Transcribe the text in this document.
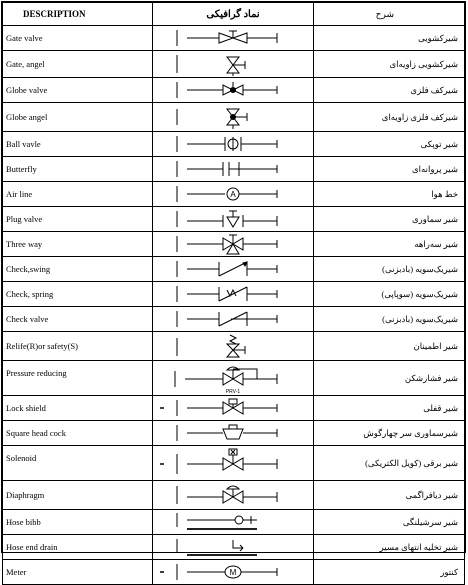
DESCRIPTION	نماد گرافیکی	شرح
Gate valve		شیرکشویی
Gate, angel		شیرکشویی زاویه‌ای
Globe valve		شیرکف فلزی
Globe angel		شیرکف فلزی زاویه‌ای
Ball vavle		شیر توپکی
Butterfly		شیر پروانه‌ای
Air line	A	خط هوا
Plug valve		شیر سماوری
Three way		شیر سه‌راهه
Check,swing		شیریک‌سویه (بادبزنی)
Check, spring		شیریک‌سویه (سوپاپی)
Check valve		شیریک‌سویه (بادبزنی)
Relife(R)or safety(S)		شیر اطمینان
Pressure reducing	PRV-1	شیر فشارشکن
Lock shield		شیر قفلی
Square head cock		شیرسماوری سر چهارگوش
Solenoid		شیر برقی (کویل الکتریکی)
Diaphragm		شیر دیافراگمی
Hose bibb		شیر سرشیلنگی
Hose end drain		شیر تخلیه انتهای مسیر
Meter	M	کنتور
